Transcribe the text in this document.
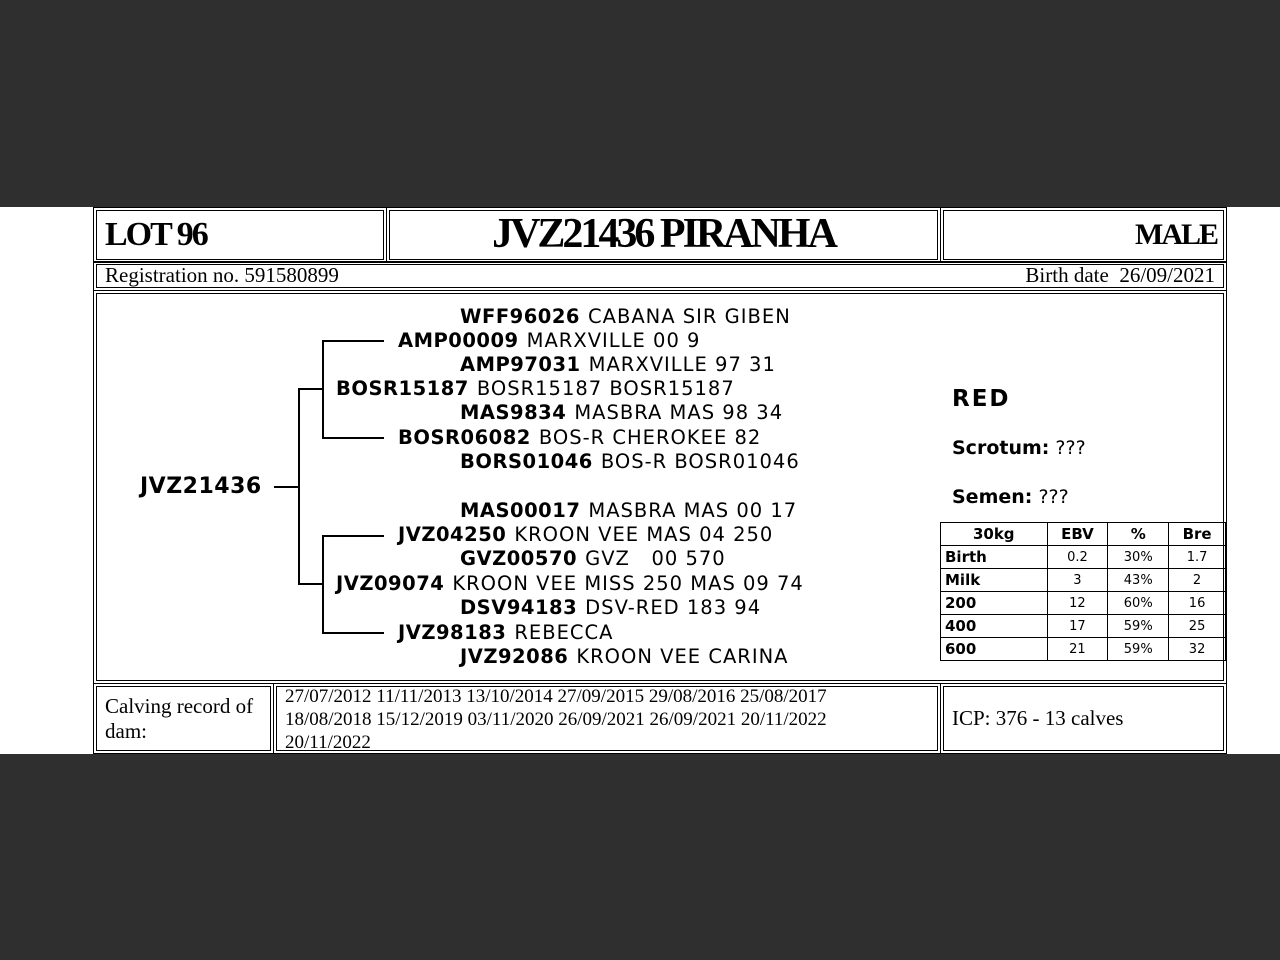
LOT 96	JVZ21436 PIRANHA	MALE
Registration no. 591580899	Birth date 26/09/2021
JVZ21436
WFF96026 CABANA SIR GIBEN
AMP00009 MARXVILLE 00 9
AMP97031 MARXVILLE 97 31
BOSR15187 BOSR15187 BOSR15187
MAS9834 MASBRA MAS 98 34
BOSR06082 BOS-R CHEROKEE 82
BORS01046 BOS-R BOSR01046
MAS00017 MASBRA MAS 00 17
JVZ04250 KROON VEE MAS 04 250
GVZ00570 GVZ   00 570
JVZ09074 KROON VEE MISS 250 MAS 09 74
DSV94183 DSV-RED 183 94
JVZ98183 REBECCA
JVZ92086 KROON VEE CARINA
RED
Scrotum: ???
Semen: ???
30kg	EBV	%	Bre
Birth	0.2	30%	1.7
Milk	3	43%	2
200	12	60%	16
400	17	59%	25
600	21	59%	32
Calving record of
dam:
27/07/2012 11/11/2013 13/10/2014 27/09/2015 29/08/2016 25/08/2017
18/08/2018 15/12/2019 03/11/2020 26/09/2021 26/09/2021 20/11/2022
20/11/2022
ICP: 376 - 13 calves
